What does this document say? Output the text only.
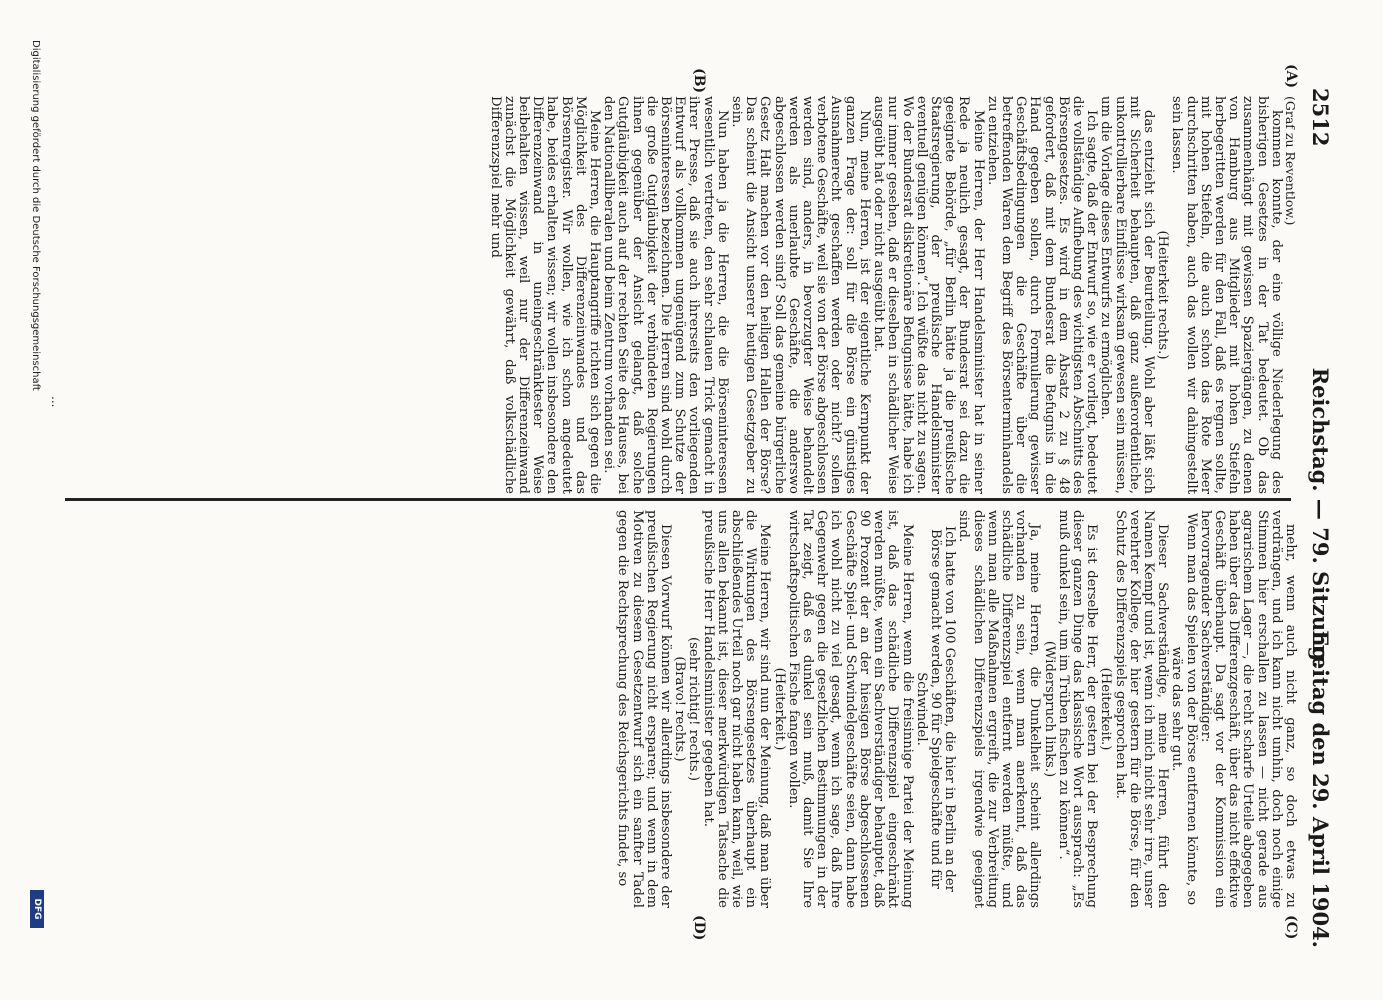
2512
Reichstag. — 79. Sitzung.
Freitag den 29. April 1904.
(A)
(B)
(C)
(D)

(Graf zu Reventlow.)

kommen konnte, der eine völlige Niederlegung des bisherigen Gesetzes in der Tat bedeutet. Ob das zusammenhängt mit gewissen Spaziergängen, zu denen von Hamburg aus Mitglieder mit hohen Stiefeln herbegeritten werden für den Fall, daß es regnen sollte, mit hohen Stiefeln, die auch schon das Rote Meer durchschritten haben, auch das wollen wir dahingestellt sein lassen.

(Heiterkeit rechts.)

das entzieht sich der Beurteilung. Wohl aber läßt sich mit Sicherheit behaupten, daß ganz außerordentliche, unkontrollierbare Einflüsse wirksam gewesen sein müssen, um die Vorlage dieses Entwurfs zu ermöglichen.

Ich sagte, daß der Entwurf so, wie er vorliegt, bedeutet die vollständige Aufhebung des wichtigsten Abschnitts des Börsengesetzes. Es wird in dem Absatz 2 zu § 48 gefordert, daß mit dem Bundesrat die Befugnis in die Hand gegeben sollen, durch Formulierung gewisser Geschäftsbedingungen die Geschäfte über die betreffenden Waren dem Begriff des Börsenterminhandels zu entziehen.

Meine Herren, der Herr Handelsminister hat in seiner Rede ja neulich gesagt, der Bundesrat sei dazu die geeignete Behörde, „für Berlin hätte ja die preußische Staatsregierung, der preußische Handelsminister eventuell genügen können“. Ich wüßte das nicht zu sagen. Wo der Bundesrat diskretionäre Befugnisse hätte, habe ich nur immer gesehen, daß er dieselben in schädlicher Weise ausgeübt hat oder nicht ausgeübt hat.

Nun, meine Herren, ist der eigentliche Kernpunkt der ganzen Frage der: soll für die Börse ein günstiges Ausnahmerecht geschaffen werden oder nicht? sollen verbotene Geschäfte, weil sie von der Börse abgeschlossen werden sind, anders, in bevorzugter Weise behandelt werden als unerlaubte Geschäfte, die anderswo abgeschlossen werden sind? Soll das gemeine bürgerliche Gesetz Halt machen vor den heiligen Hallen der Börse? Das scheint die Ansicht unserer heutigen Gesetzgeber zu sein.

Nun haben ja die Herren, die die Börseninteressen wesentlich vertreten, den sehr schlauen Trick gemacht in ihrer Presse, daß sie auch ihrerseits den vorliegenden Entwurf als vollkommen ungenügend zum Schutze der Börseninteressen bezeichnen. Die Herren sind wohl durch die große Gutgläubigkeit der verbündeten Regierungen ihnen gegenüber der Ansicht gelangt, daß solche Gutgläubigkeit auch auf der rechten Seite des Hauses, bei den Nationalliberalen und beim Zentrum vorhanden sei.

Meine Herren, die Hauptangriffe richten sich gegen die Möglichkeit des Differenzeinwandes und das Börsenregister. Wir wollen, wie ich schon angedeutet habe, beides erhalten wissen; wir wollen insbesondere den Differenzeinwand in uneingeschränktester Weise beibehalten wissen, weil nur der Differenzeinwand zunächst die Möglichkeit gewährt, daß volkschädliche Differenzspiel mehr und

mehr, wenn auch nicht ganz, so doch etwas zu verdrängen, und ich kann nicht umhin, doch noch einige Stimmen hier erschallen zu lassen — nicht gerade aus agrarischem Lager —, die recht scharfe Urteile abgegeben haben über das Differenzgeschäft, über das nicht effektive Geschäft überhaupt. Da sagt vor der Kommission ein hervorragender Sachverständiger:

Wenn man das Spielen von der Börse entfernen könnte, so wäre das sehr gut.

Dieser Sachverständige, meine Herren, führt den Namen Kempf und ist, wenn ich mich nicht sehr irre, unser verehrter Kollege, der hier gestern für die Börse, für den Schutz des Differenzspiels gesprochen hat.

(Heiterkeit.)

Es ist derselbe Herr, der gestern bei der Besprechung dieser ganzen Dinge das klassische Wort aussprach: „Es muß dunkel sein, um im Trüben fischen zu können“.

(Widerspruch links.)

Ja, meine Herren, die Dunkelheit scheint allerdings vorhanden zu sein, wenn man anerkennt, daß das schädliche Differenzspiel entfernt werden müßte, und wenn man alle Maßnahmen ergreift, die zur Verbreitung dieses schädlichen Differenzspiels irgendwie geeignet sind.

Ich hatte von 100 Geschäften, die hier in Berlin an der Börse gemacht werden, 90 für Spielgeschäfte und für Schwindel.

Meine Herren, wenn die freisinnige Partei der Meinung ist, daß das schädliche Differenzspiel eingeschränkt werden müßte, wenn ein Sachverständiger behauptet, daß 90 Prozent der an der hiesigen Börse abgeschlossenen Geschäfte Spiel- und Schwindelgeschäfte seien, dann habe ich wohl nicht zu viel gesagt, wenn ich sage, daß Ihre Gegenwehr gegen die gesetzlichen Bestimmungen in der Tat zeigt, daß es dunkel sein muß, damit Sie Ihre wirtschaftspolitischen Fische fangen wollen.

(Heiterkeit.)

Meine Herren, wir sind nun der Meinung, daß man über die Wirkungen des Börsengesetzes überhaupt ein abschließendes Urteil noch gar nicht haben kann, weil, wie uns allen bekannt ist, dieser merkwürdigen Tatsache die preußische Herr Handelsminister gegeben hat.

(sehr richtig! rechts.)

(Bravo! rechts.)

Diesen Vorwurf können wir allerdings insbesondere der preußischen Regierung nicht ersparen; und wenn in dem Motiven zu diesem Gesetzentwurf sich ein sanfter Tadel gegen die Rechtsprechung des Reichsgerichts findet, so

...
Digitalisierung gefördert durch die Deutsche Forschungsgemeinschaft
DFG
